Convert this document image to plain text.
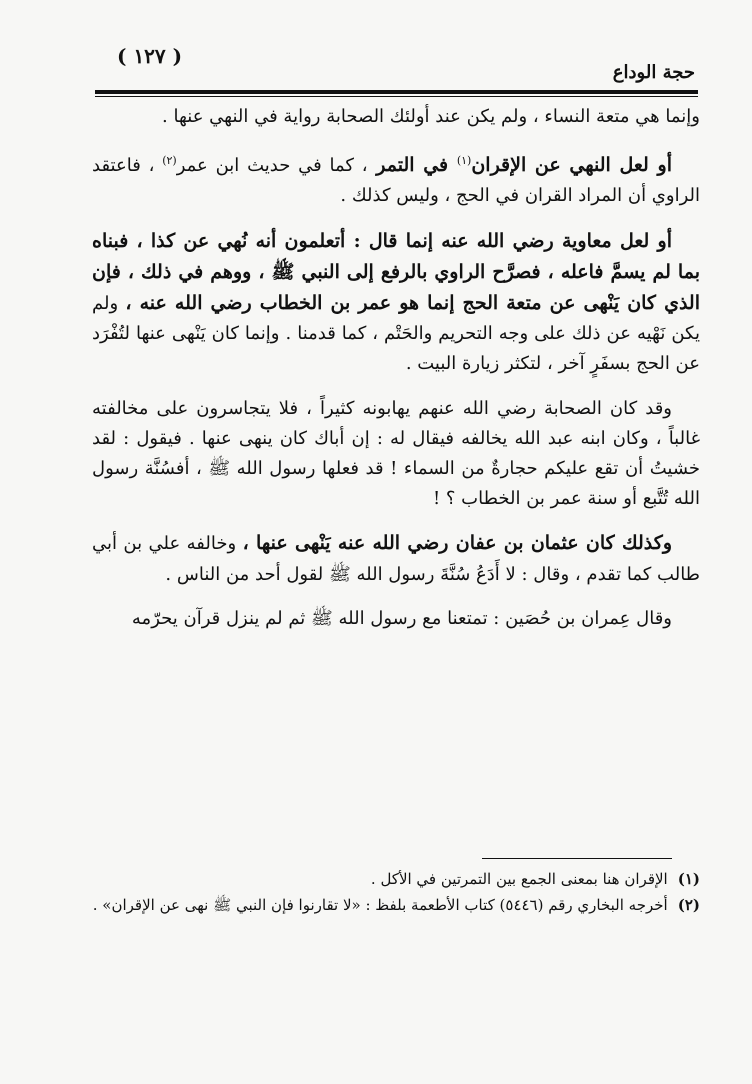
( ١٢٧ )
حجة الوداع

وإنما هي متعة النساء ، ولم يكن عند أولئك الصحابة رواية في النهي عنها .

أو لعل النهي عن الإقران$^{(١)}$ في التمر ، كما في حديث ابن عمر$^{(٢)}$ ، فاعتقد الراوي أن المراد القران في الحج ، وليس كذلك .

أو لعل معاوية رضي الله عنه إنما قال : أتعلمون أنه نُهي عن كذا ، فبناه بما لم يسمَّ فاعله ، فصرَّح الراوي بالرفع إلى النبي ﷺ ، ووهم في ذلك ، فإن الذي كان يَنْهى عن متعة الحج إنما هو عمر بن الخطاب رضي الله عنه ، ولم يكن نَهْيه عن ذلك على وجه التحريم والحَتْم ، كما قدمنا . وإنما كان يَنْهى عنها لتُفْرَد عن الحج بسفَرٍ آخر ، لتكثر زيارة البيت .

وقد كان الصحابة رضي الله عنهم يهابونه كثيراً ، فلا يتجاسرون على مخالفته غالباً ، وكان ابنه عبد الله يخالفه فيقال له : إن أباك كان ينهى عنها . فيقول : لقد خشيتُ أن تقع عليكم حجارةٌ من السماء ! قد فعلها رسول الله ﷺ ، أفسُنَّة رسول الله تُتَّبع أو سنة عمر بن الخطاب ؟ !

وكذلك كان عثمان بن عفان رضي الله عنه يَنْهى عنها ، وخالفه علي بن أبي طالب كما تقدم ، وقال : لا أَدَعُ سُنَّةَ رسول الله ﷺ لقول أحد من الناس .

وقال عِمران بن حُصَين : تمتعنا مع رسول الله ﷺ ثم لم ينزل قرآن يحرّمه

(١)الإقران هنا بمعنى الجمع بين التمرتين في الأكل .

(٢)أخرجه البخاري رقم (٥٤٤٦) كتاب الأطعمة بلفظ : «لا تقارنوا فإن النبي ﷺ نهى عن الإقران» .
